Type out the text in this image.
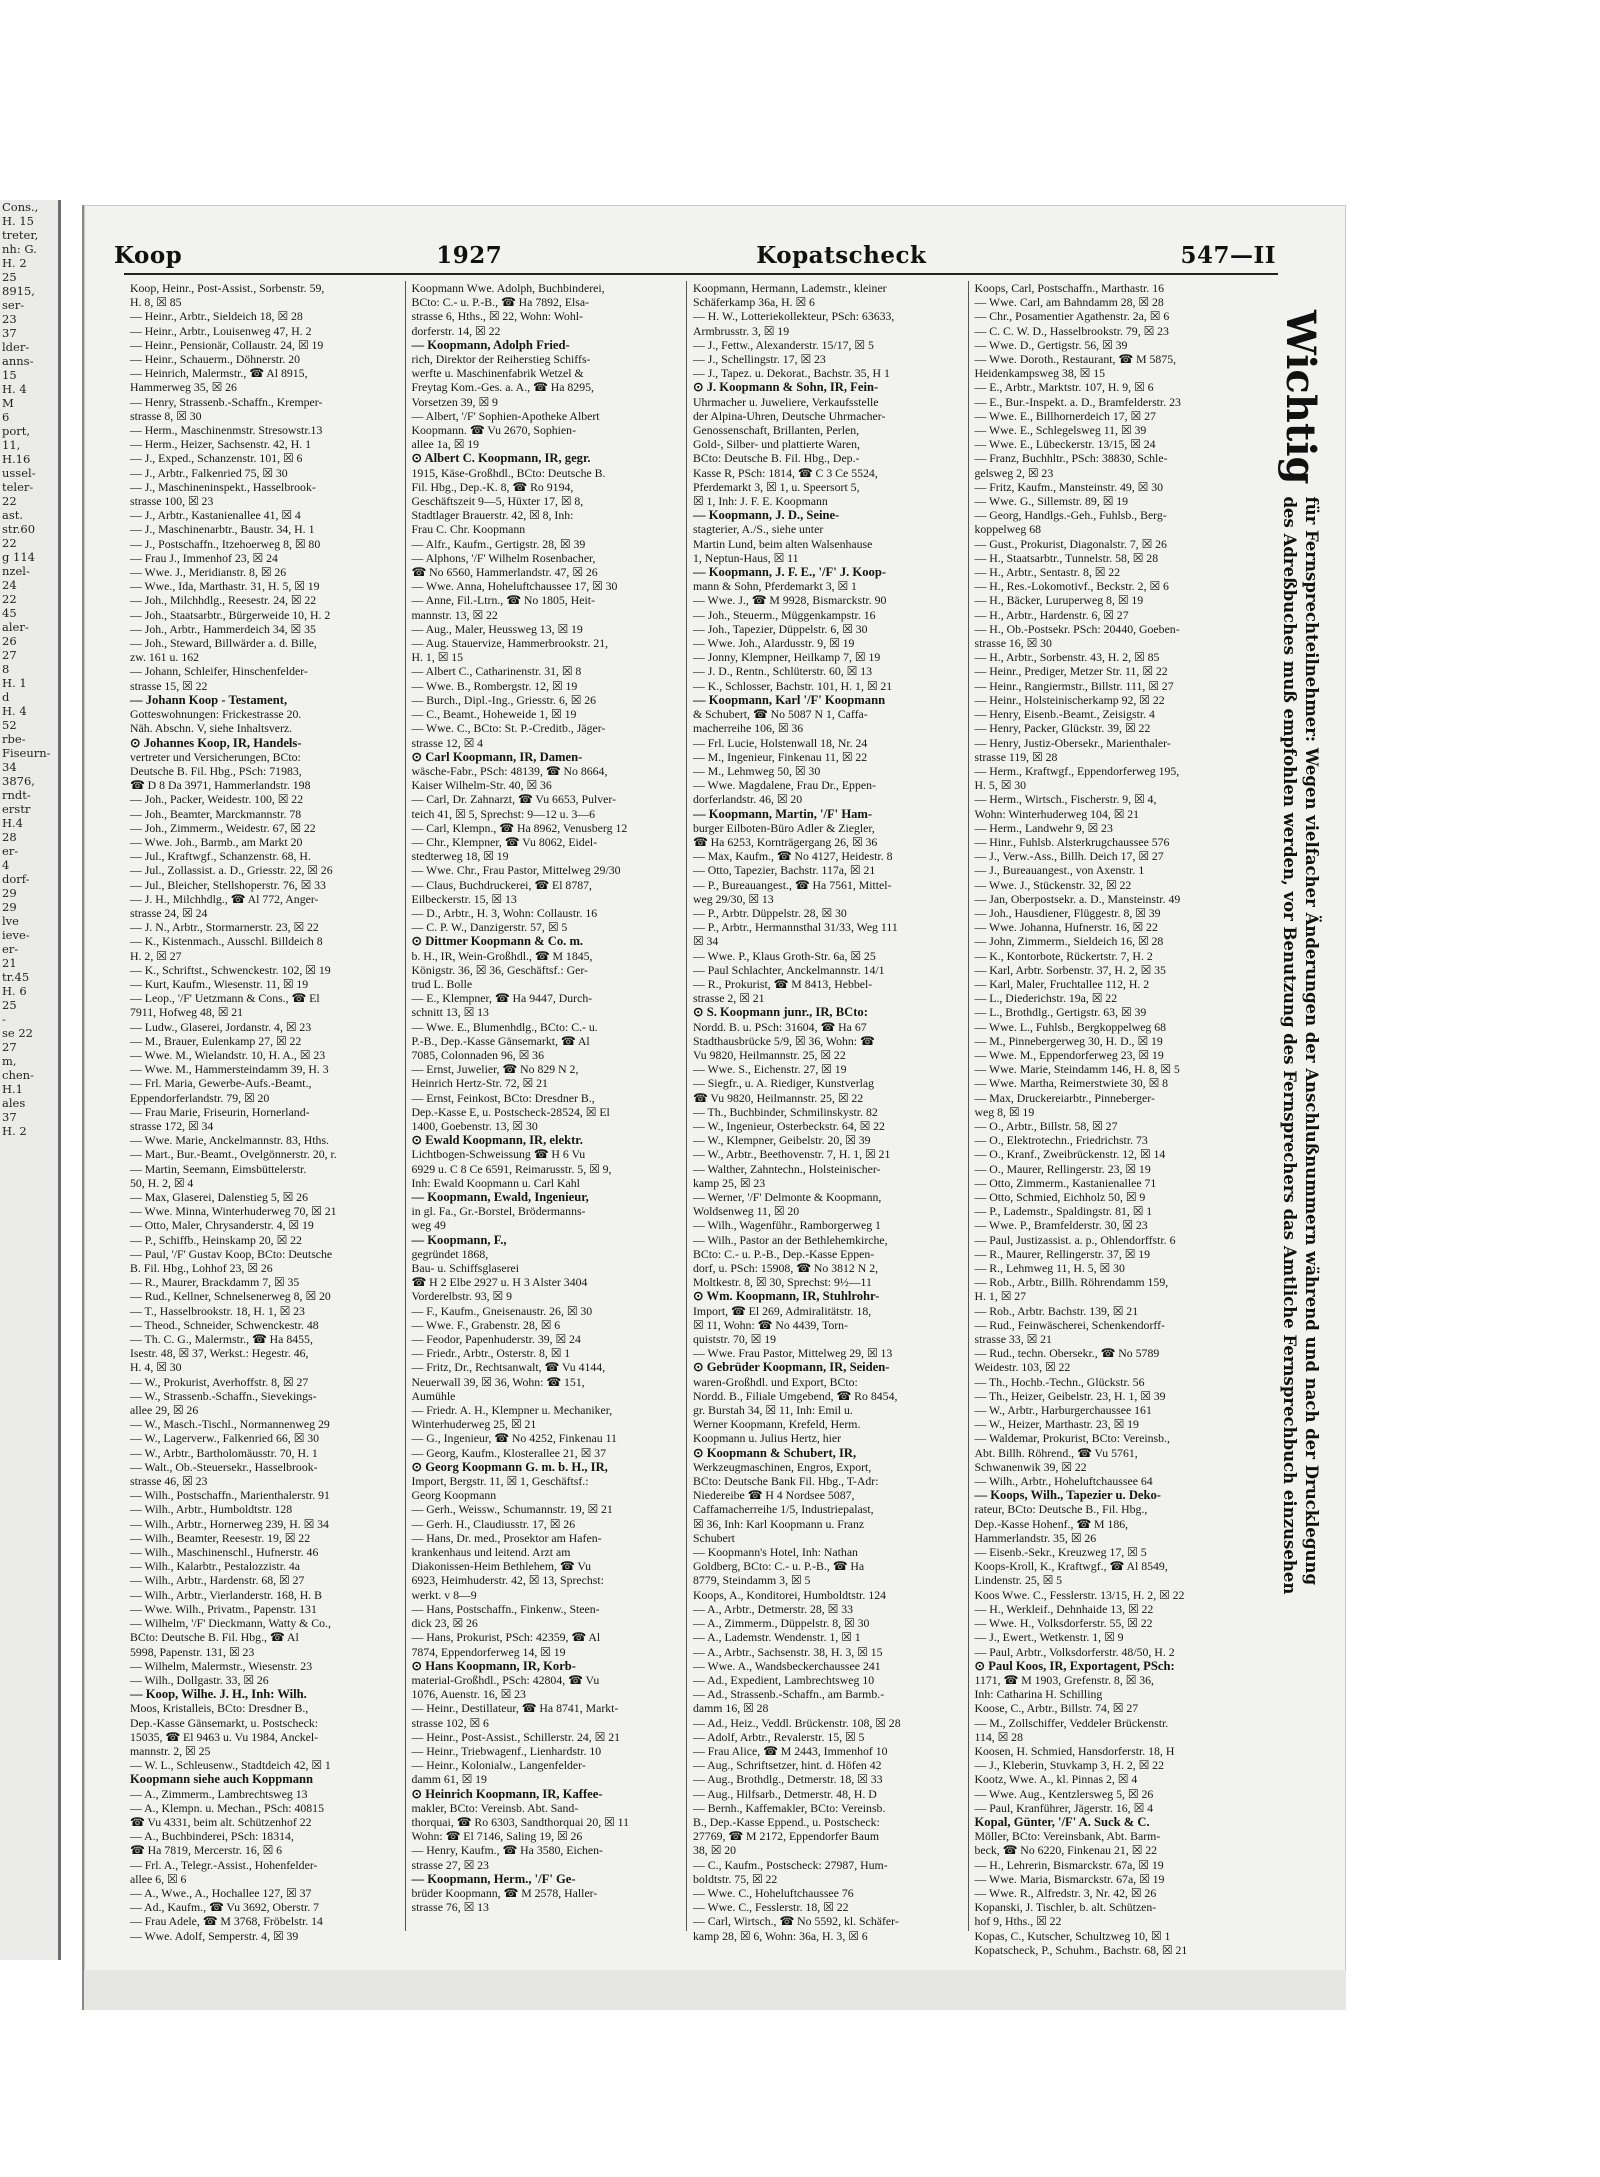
Cons.,
H. 15
treter,
nh: G.
H. 2
25
8915,
ser-
23
37
lder-
anns-
15
H. 4
M
6
port,
11,
H.16
ussel-
teler-
22
ast.
str.60
22
g 114
nzel-
24
22
45
aler-
26
27
8
H. 1
d
H. 4
52
rbe-
Fiseurn-
34
3876,
rndt-
erstr
H.4
28
er-
4
dorf-
29
29
lve
ieve-
er-
21
tr.45
H. 6
25
-
se 22
27
m,
chen-
H.1
ales
37
H. 2
Koop	1927	Kopatscheck	547—II
Koop, Heinr., Post-Assist., Sorbenstr. 59,
H. 8, ☒ 85
— Heinr., Arbtr., Sieldeich 18, ☒ 28
— Heinr., Arbtr., Louisenweg 47, H. 2
— Heinr., Pensionär, Collaustr. 24, ☒ 19
— Heinr., Schauerm., Döhnerstr. 20
— Heinrich, Malermstr., ☎ Al 8915,
Hammerweg 35, ☒ 26
— Henry, Strassenb.-Schaffn., Kremper-
strasse 8, ☒ 30
— Herm., Maschinenmstr. Stresowstr.13
— Herm., Heizer, Sachsenstr. 42, H. 1
— J., Exped., Schanzenstr. 101, ☒ 6
— J., Arbtr., Falkenried 75, ☒ 30
— J., Maschineninspekt., Hasselbrook-
strasse 100, ☒ 23
— J., Arbtr., Kastanienallee 41, ☒ 4
— J., Maschinenarbtr., Baustr. 34, H. 1
— J., Postschaffn., Itzehoerweg 8, ☒ 80
— Frau J., Immenhof 23, ☒ 24
— Wwe. J., Meridianstr. 8, ☒ 26
— Wwe., Ida, Marthastr. 31, H. 5, ☒ 19
— Joh., Milchhdlg., Reesestr. 24, ☒ 22
— Joh., Staatsarbtr., Bürgerweide 10, H. 2
— Joh., Arbtr., Hammerdeich 34, ☒ 35
— Joh., Steward, Billwärder a. d. Bille,
zw. 161 u. 162
— Johann, Schleifer, Hinschenfelder-
strasse 15, ☒ 22
— Johann Koop - Testament,
Gotteswohnungen: Frickestrasse 20.
Näh. Abschn. V, siehe Inhaltsverz.
⊙ Johannes Koop, IR, Handels-
vertreter und Versicherungen, BCto:
Deutsche B. Fil. Hbg., PSch: 71983,
☎ D 8 Da 3971, Hammerlandstr. 198
— Joh., Packer, Weidestr. 100, ☒ 22
— Joh., Beamter, Marckmannstr. 78
— Joh., Zimmerm., Weidestr. 67, ☒ 22
— Wwe. Joh., Barmb., am Markt 20
— Jul., Kraftwgf., Schanzenstr. 68, H.
— Jul., Zollassist. a. D., Griesstr. 22, ☒ 26
— Jul., Bleicher, Stellshoperstr. 76, ☒ 33
— J. H., Milchhdlg., ☎ Al 772, Anger-
strasse 24, ☒ 24
— J. N., Arbtr., Stormarnerstr. 23, ☒ 22
— K., Kistenmach., Ausschl. Billdeich 8
H. 2, ☒ 27
— K., Schriftst., Schwenckestr. 102, ☒ 19
— Kurt, Kaufm., Wiesenstr. 11, ☒ 19
— Leop., '/F' Uetzmann & Cons., ☎ El
7911, Hofweg 48, ☒ 21
— Ludw., Glaserei, Jordanstr. 4, ☒ 23
— M., Brauer, Eulenkamp 27, ☒ 22
— Wwe. M., Wielandstr. 10, H. A., ☒ 23
— Wwe. M., Hammersteindamm 39, H. 3
— Frl. Maria, Gewerbe-Aufs.-Beamt.,
Eppendorferlandstr. 79, ☒ 20
— Frau Marie, Friseurin, Hornerland-
strasse 172, ☒ 34
— Wwe. Marie, Anckelmannstr. 83, Hths.
— Mart., Bur.-Beamt., Ovelgönnerstr. 20, r.
— Martin, Seemann, Eimsbüttelerstr.
50, H. 2, ☒ 4
— Max, Glaserei, Dalenstieg 5, ☒ 26
— Wwe. Minna, Winterhuderweg 70, ☒ 21
— Otto, Maler, Chrysanderstr. 4, ☒ 19
— P., Schiffb., Heinskamp 20, ☒ 22
— Paul, '/F' Gustav Koop, BCto: Deutsche
B. Fil. Hbg., Lohhof 23, ☒ 26
— R., Maurer, Brackdamm 7, ☒ 35
— Rud., Kellner, Schnelsenerweg 8, ☒ 20
— T., Hasselbrookstr. 18, H. 1, ☒ 23
— Theod., Schneider, Schwenckestr. 48
— Th. C. G., Malermstr., ☎ Ha 8455,
Isestr. 48, ☒ 37, Werkst.: Hegestr. 46,
H. 4, ☒ 30
— W., Prokurist, Averhoffstr. 8, ☒ 27
— W., Strassenb.-Schaffn., Sievekings-
allee 29, ☒ 26
— W., Masch.-Tischl., Normannenweg 29
— W., Lagerverw., Falkenried 66, ☒ 30
— W., Arbtr., Bartholomäusstr. 70, H. 1
— Walt., Ob.-Steuersekr., Hasselbrook-
strasse 46, ☒ 23
— Wilh., Postschaffn., Marienthalerstr. 91
— Wilh., Arbtr., Humboldtstr. 128
— Wilh., Arbtr., Hornerweg 239, H. ☒ 34
— Wilh., Beamter, Reesestr. 19, ☒ 22
— Wilh., Maschinenschl., Hufnerstr. 46
— Wilh., Kalarbtr., Pestalozzistr. 4a
— Wilh., Arbtr., Hardenstr. 68, ☒ 27
— Wilh., Arbtr., Vierlanderstr. 168, H. B
— Wwe. Wilh., Privatm., Papenstr. 131
— Wilhelm, '/F' Dieckmann, Watty & Co.,
BCto: Deutsche B. Fil. Hbg., ☎ Al
5998, Papenstr. 131, ☒ 23
— Wilhelm, Malermstr., Wiesenstr. 23
— Wilh., Dollgastr. 33, ☒ 26
— Koop, Wilhe. J. H., Inh: Wilh.
Moos, Kristalleis, BCto: Dresdner B.,
Dep.-Kasse Gänsemarkt, u. Postscheck:
15035, ☎ El 9463 u. Vu 1984, Anckel-
mannstr. 2, ☒ 25
— W. L., Schleusenw., Stadtdeich 42, ☒ 1
Koopmann siehe auch Koppmann
— A., Zimmerm., Lambrechtsweg 13
— A., Klempn. u. Mechan., PSch: 40815
☎ Vu 4331, beim alt. Schützenhof 22
— A., Buchbinderei, PSch: 18314,
☎ Ha 7819, Mercerstr. 16, ☒ 6
— Frl. A., Telegr.-Assist., Hohenfelder-
allee 6, ☒ 6
— A., Wwe., A., Hochallee 127, ☒ 37
— Ad., Kaufm., ☎ Vu 3692, Oberstr. 7
— Frau Adele, ☎ M 3768, Fröbelstr. 14
— Wwe. Adolf, Semperstr. 4, ☒ 39
Koopmann Wwe. Adolph, Buchbinderei,
BCto: C.- u. P.-B., ☎ Ha 7892, Elsa-
strasse 6, Hths., ☒ 22, Wohn: Wohl-
dorferstr. 14, ☒ 22
— Koopmann, Adolph Fried-
rich, Direktor der Reiherstieg Schiffs-
werfte u. Maschinenfabrik Wetzel &
Freytag Kom.-Ges. a. A., ☎ Ha 8295,
Vorsetzen 39, ☒ 9
— Albert, '/F' Sophien-Apotheke Albert
Koopmann. ☎ Vu 2670, Sophien-
allee 1a, ☒ 19
⊙ Albert C. Koopmann, IR, gegr.
1915, Käse-Großhdl., BCto: Deutsche B.
Fil. Hbg., Dep.-K. 8, ☎ Ro 9194,
Geschäftszeit 9—5, Hüxter 17, ☒ 8,
Stadtlager Brauerstr. 42, ☒ 8, Inh:
Frau C. Chr. Koopmann
— Alfr., Kaufm., Gertigstr. 28, ☒ 39
— Alphons, '/F' Wilhelm Rosenbacher,
☎ No 6560, Hammerlandstr. 47, ☒ 26
— Wwe. Anna, Hoheluftchaussee 17, ☒ 30
— Anne, Fil.-Ltrn., ☎ No 1805, Heit-
mannstr. 13, ☒ 22
— Aug., Maler, Heussweg 13, ☒ 19
— Aug. Stauervize, Hammerbrookstr. 21,
H. 1, ☒ 15
— Albert C., Catharinenstr. 31, ☒ 8
— Wwe. B., Rombergstr. 12, ☒ 19
— Burch., Dipl.-Ing., Griesstr. 6, ☒ 26
— C., Beamt., Hoheweide 1, ☒ 19
— Wwe. C., BCto: St. P.-Creditb., Jäger-
strasse 12, ☒ 4
⊙ Carl Koopmann, IR, Damen-
wäsche-Fabr., PSch: 48139, ☎ No 8664,
Kaiser Wilhelm-Str. 40, ☒ 36
— Carl, Dr. Zahnarzt, ☎ Vu 6653, Pulver-
teich 41, ☒ 5, Sprechst: 9—12 u. 3—6
— Carl, Klempn., ☎ Ha 8962, Venusberg 12
— Chr., Klempner, ☎ Vu 8062, Eidel-
stedterweg 18, ☒ 19
— Wwe. Chr., Frau Pastor, Mittelweg 29/30
— Claus, Buchdruckerei, ☎ El 8787,
Eilbeckerstr. 15, ☒ 13
— D., Arbtr., H. 3, Wohn: Collaustr. 16
— C. P. W., Danzigerstr. 57, ☒ 5
⊙ Dittmer Koopmann & Co. m.
b. H., IR, Wein-Großhdl., ☎ M 1845,
Königstr. 36, ☒ 36, Geschäftsf.: Ger-
trud L. Bolle
— E., Klempner, ☎ Ha 9447, Durch-
schnitt 13, ☒ 13
— Wwe. E., Blumenhdlg., BCto: C.- u.
P.-B., Dep.-Kasse Gänsemarkt, ☎ Al
7085, Colonnaden 96, ☒ 36
— Ernst, Juwelier, ☎ No 829 N 2,
Heinrich Hertz-Str. 72, ☒ 21
— Ernst, Feinkost, BCto: Dresdner B.,
Dep.-Kasse E, u. Postscheck-28524, ☒ El
1400, Goebenstr. 13, ☒ 30
⊙ Ewald Koopmann, IR, elektr.
Lichtbogen-Schweissung ☎ H 6 Vu
6929 u. C 8 Ce 6591, Reimarusstr. 5, ☒ 9,
Inh: Ewald Koopmann u. Carl Kahl
— Koopmann, Ewald, Ingenieur,
in gl. Fa., Gr.-Borstel, Brödermanns-
weg 49
— Koopmann, F.,
gegründet 1868,
Bau- u. Schiffsglaserei
☎ H 2 Elbe 2927 u. H 3 Alster 3404
Vorderelbstr. 93, ☒ 9
— F., Kaufm., Gneisenaustr. 26, ☒ 30
— Wwe. F., Grabenstr. 28, ☒ 6
— Feodor, Papenhuderstr. 39, ☒ 24
— Friedr., Arbtr., Osterstr. 8, ☒ 1
— Fritz, Dr., Rechtsanwalt, ☎ Vu 4144,
Neuerwall 39, ☒ 36, Wohn: ☎ 151,
Aumühle
— Friedr. A. H., Klempner u. Mechaniker,
Winterhuderweg 25, ☒ 21
— G., Ingenieur, ☎ No 4252, Finkenau 11
— Georg, Kaufm., Klosterallee 21, ☒ 37
⊙ Georg Koopmann G. m. b. H., IR,
Import, Bergstr. 11, ☒ 1, Geschäftsf.:
Georg Koopmann
— Gerh., Weissw., Schumannstr. 19, ☒ 21
— Gerh. H., Claudiusstr. 17, ☒ 26
— Hans, Dr. med., Prosektor am Hafen-
krankenhaus und leitend. Arzt am
Diakonissen-Heim Bethlehem, ☎ Vu
6923, Heimhuderstr. 42, ☒ 13, Sprechst:
werkt. v 8—9
— Hans, Postschaffn., Finkenw., Steen-
dick 23, ☒ 26
— Hans, Prokurist, PSch: 42359, ☎ Al
7874, Eppendorferweg 14, ☒ 19
⊙ Hans Koopmann, IR, Korb-
material-Großhdl., PSch: 42804, ☎ Vu
1076, Auenstr. 16, ☒ 23
— Heinr., Destillateur, ☎ Ha 8741, Markt-
strasse 102, ☒ 6
— Heinr., Post-Assist., Schillerstr. 24, ☒ 21
— Heinr., Triebwagenf., Lienhardstr. 10
— Heinr., Kolonialw., Langenfelder-
damm 61, ☒ 19
⊙ Heinrich Koopmann, IR, Kaffee-
makler, BCto: Vereinsb. Abt. Sand-
thorquai, ☎ Ro 6303, Sandthorquai 20, ☒ 11
Wohn: ☎ El 7146, Saling 19, ☒ 26
— Henry, Kaufm., ☎ Ha 3580, Eichen-
strasse 27, ☒ 23
— Koopmann, Herm., '/F' Ge-
brüder Koopmann, ☎ M 2578, Haller-
strasse 76, ☒ 13
Koopmann, Hermann, Lademstr., kleiner
Schäferkamp 36a, H. ☒ 6
— H. W., Lotteriekollekteur, PSch: 63633,
Armbrusstr. 3, ☒ 19
— J., Fettw., Alexanderstr. 15/17, ☒ 5
— J., Schellingstr. 17, ☒ 23
— J., Tapez. u. Dekorat., Bachstr. 35, H 1
⊙ J. Koopmann & Sohn, IR, Fein-
Uhrmacher u. Juweliere, Verkaufsstelle
der Alpina-Uhren, Deutsche Uhrmacher-
Genossenschaft, Brillanten, Perlen,
Gold-, Silber- und plattierte Waren,
BCto: Deutsche B. Fil. Hbg., Dep.-
Kasse R, PSch: 1814, ☎ C 3 Ce 5524,
Pferdemarkt 3, ☒ 1, u. Speersort 5,
☒ 1, Inh: J. F. E. Koopmann
— Koopmann, J. D., Seine-
stagterier, A./S., siehe unter
Martin Lund, beim alten Walsenhause
1, Neptun-Haus, ☒ 11
— Koopmann, J. F. E., '/F' J. Koop-
mann & Sohn, Pferdemarkt 3, ☒ 1
— Wwe. J., ☎ M 9928, Bismarckstr. 90
— Joh., Steuerm., Müggenkampstr. 16
— Joh., Tapezier, Düppelstr. 6, ☒ 30
— Wwe. Joh., Alardusstr. 9, ☒ 19
— Jonny, Klempner, Heilkamp 7, ☒ 19
— J. D., Rentn., Schlüterstr. 60, ☒ 13
— K., Schlosser, Bachstr. 101, H. 1, ☒ 21
— Koopmann, Karl '/F' Koopmann
& Schubert, ☎ No 5087 N 1, Caffa-
macherreihe 106, ☒ 36
— Frl. Lucie, Holstenwall 18, Nr. 24
— M., Ingenieur, Finkenau 11, ☒ 22
— M., Lehmweg 50, ☒ 30
— Wwe. Magdalene, Frau Dr., Eppen-
dorferlandstr. 46, ☒ 20
— Koopmann, Martin, '/F' Ham-
burger Eilboten-Büro Adler & Ziegler,
☎ Ha 6253, Kornträgergang 26, ☒ 36
— Max, Kaufm., ☎ No 4127, Heidestr. 8
— Otto, Tapezier, Bachstr. 117a, ☒ 21
— P., Bureauangest., ☎ Ha 7561, Mittel-
weg 29/30, ☒ 13
— P., Arbtr. Düppelstr. 28, ☒ 30
— P., Arbtr., Hermannsthal 31/33, Weg 111
☒ 34
— Wwe. P., Klaus Groth-Str. 6a, ☒ 25
— Paul Schlachter, Anckelmannstr. 14/1
— R., Prokurist, ☎ M 8413, Hebbel-
strasse 2, ☒ 21
⊙ S. Koopmann junr., IR, BCto:
Nordd. B. u. PSch: 31604, ☎ Ha 67
Stadthausbrücke 5/9, ☒ 36, Wohn: ☎
Vu 9820, Heilmannstr. 25, ☒ 22
— Wwe. S., Eichenstr. 27, ☒ 19
— Siegfr., u. A. Riediger, Kunstverlag
☎ Vu 9820, Heilmannstr. 25, ☒ 22
— Th., Buchbinder, Schmilinskystr. 82
— W., Ingenieur, Osterbeckstr. 64, ☒ 22
— W., Klempner, Geibelstr. 20, ☒ 39
— W., Arbtr., Beethovenstr. 7, H. 1, ☒ 21
— Walther, Zahntechn., Holsteinischer-
kamp 25, ☒ 23
— Werner, '/F' Delmonte & Koopmann,
Woldsenweg 11, ☒ 20
— Wilh., Wagenführ., Ramborgerweg 1
— Wilh., Pastor an der Bethlehemkirche,
BCto: C.- u. P.-B., Dep.-Kasse Eppen-
dorf, u. PSch: 15908, ☎ No 3812 N 2,
Moltkestr. 8, ☒ 30, Sprechst: 9½—11
⊙ Wm. Koopmann, IR, Stuhlrohr-
Import, ☎ El 269, Admiralitätstr. 18,
☒ 11, Wohn: ☎ No 4439, Torn-
quiststr. 70, ☒ 19
— Wwe. Frau Pastor, Mittelweg 29, ☒ 13
⊙ Gebrüder Koopmann, IR, Seiden-
waren-Großhdl. und Export, BCto:
Nordd. B., Filiale Umgebend, ☎ Ro 8454,
gr. Burstah 34, ☒ 11, Inh: Emil u.
Werner Koopmann, Krefeld, Herm.
Koopmann u. Julius Hertz, hier
⊙ Koopmann & Schubert, IR,
Werkzeugmaschinen, Engros, Export,
BCto: Deutsche Bank Fil. Hbg., T-Adr:
Niedereibe ☎ H 4 Nordsee 5087,
Caffamacherreihe 1/5, Industriepalast,
☒ 36, Inh: Karl Koopmann u. Franz
Schubert
— Koopmann's Hotel, Inh: Nathan
Goldberg, BCto: C.- u. P.-B., ☎ Ha
8779, Steindamm 3, ☒ 5
Koops, A., Konditorei, Humboldtstr. 124
— A., Arbtr., Detmerstr. 28, ☒ 33
— A., Zimmerm., Düppelstr. 8, ☒ 30
— A., Lademstr. Wendenstr. 1, ☒ 1
— A., Arbtr., Sachsenstr. 38, H. 3, ☒ 15
— Wwe. A., Wandsbeckerchaussee 241
— Ad., Expedient, Lambrechtsweg 10
— Ad., Strassenb.-Schaffn., am Barmb.-
damm 16, ☒ 28
— Ad., Heiz., Veddl. Brückenstr. 108, ☒ 28
— Adolf, Arbtr., Revalerstr. 15, ☒ 5
— Frau Alice, ☎ M 2443, Immenhof 10
— Aug., Schriftsetzer, hint. d. Höfen 42
— Aug., Brothdlg., Detmerstr. 18, ☒ 33
— Aug., Hilfsarb., Detmerstr. 48, H. D
— Bernh., Kaffemakler, BCto: Vereinsb.
B., Dep.-Kasse Eppend., u. Postscheck:
27769, ☎ M 2172, Eppendorfer Baum
38, ☒ 20
— C., Kaufm., Postscheck: 27987, Hum-
boldtstr. 75, ☒ 22
— Wwe. C., Hoheluftchaussee 76
— Wwe. C., Fesslerstr. 18, ☒ 22
— Carl, Wirtsch., ☎ No 5592, kl. Schäfer-
kamp 28, ☒ 6, Wohn: 36a, H. 3, ☒ 6
Koops, Carl, Postschaffn., Marthastr. 16
— Wwe. Carl, am Bahndamm 28, ☒ 28
— Chr., Posamentier Agathenstr. 2a, ☒ 6
— C. C. W. D., Hasselbrookstr. 79, ☒ 23
— Wwe. D., Gertigstr. 56, ☒ 39
— Wwe. Doroth., Restaurant, ☎ M 5875,
Heidenkampsweg 38, ☒ 15
— E., Arbtr., Marktstr. 107, H. 9, ☒ 6
— E., Bur.-Inspekt. a. D., Bramfelderstr. 23
— Wwe. E., Billhornerdeich 17, ☒ 27
— Wwe. E., Schlegelsweg 11, ☒ 39
— Wwe. E., Lübeckerstr. 13/15, ☒ 24
— Franz, Buchhltr., PSch: 38830, Schle-
gelsweg 2, ☒ 23
— Fritz, Kaufm., Mansteinstr. 49, ☒ 30
— Wwe. G., Sillemstr. 89, ☒ 19
— Georg, Handlgs.-Geh., Fuhlsb., Berg-
koppelweg 68
— Gust., Prokurist, Diagonalstr. 7, ☒ 26
— H., Staatsarbtr., Tunnelstr. 58, ☒ 28
— H., Arbtr., Sentastr. 8, ☒ 22
— H., Res.-Lokomotivf., Beckstr. 2, ☒ 6
— H., Bäcker, Luruperweg 8, ☒ 19
— H., Arbtr., Hardenstr. 6, ☒ 27
— H., Ob.-Postsekr. PSch: 20440, Goeben-
strasse 16, ☒ 30
— H., Arbtr., Sorbenstr. 43, H. 2, ☒ 85
— Heinr., Prediger, Metzer Str. 11, ☒ 22
— Heinr., Rangiermstr., Billstr. 111, ☒ 27
— Heinr., Holsteinischerkamp 92, ☒ 22
— Henry, Eisenb.-Beamt., Zeisigstr. 4
— Henry, Packer, Glückstr. 39, ☒ 22
— Henry, Justiz-Obersekr., Marienthaler-
strasse 119, ☒ 28
— Herm., Kraftwgf., Eppendorferweg 195,
H. 5, ☒ 30
— Herm., Wirtsch., Fischerstr. 9, ☒ 4,
Wohn: Winterhuderweg 104, ☒ 21
— Herm., Landwehr 9, ☒ 23
— Hinr., Fuhlsb. Alsterkrugchaussee 576
— J., Verw.-Ass., Billh. Deich 17, ☒ 27
— J., Bureauangest., von Axenstr. 1
— Wwe. J., Stückenstr. 32, ☒ 22
— Jan, Oberpostsekr. a. D., Mansteinstr. 49
— Joh., Hausdiener, Flüggestr. 8, ☒ 39
— Wwe. Johanna, Hufnerstr. 16, ☒ 22
— John, Zimmerm., Sieldeich 16, ☒ 28
— K., Kontorbote, Rückertstr. 7, H. 2
— Karl, Arbtr. Sorbenstr. 37, H. 2, ☒ 35
— Karl, Maler, Fruchtallee 112, H. 2
— L., Diederichstr. 19a, ☒ 22
— L., Brothdlg., Gertigstr. 63, ☒ 39
— Wwe. L., Fuhlsb., Bergkoppelweg 68
— M., Pinnebergerweg 30, H. D., ☒ 19
— Wwe. M., Eppendorferweg 23, ☒ 19
— Wwe. Marie, Steindamm 146, H. 8, ☒ 5
— Wwe. Martha, Reimerstwiete 30, ☒ 8
— Max, Druckereiarbtr., Pinneberger-
weg 8, ☒ 19
— O., Arbtr., Billstr. 58, ☒ 27
— O., Elektrotechn., Friedrichstr. 73
— O., Kranf., Zweibrückenstr. 12, ☒ 14
— O., Maurer, Rellingerstr. 23, ☒ 19
— Otto, Zimmerm., Kastanienallee 71
— Otto, Schmied, Eichholz 50, ☒ 9
— P., Lademstr., Spaldingstr. 81, ☒ 1
— Wwe. P., Bramfelderstr. 30, ☒ 23
— Paul, Justizassist. a. p., Ohlendorffstr. 6
— R., Maurer, Rellingerstr. 37, ☒ 19
— R., Lehmweg 11, H. 5, ☒ 30
— Rob., Arbtr., Billh. Röhrendamm 159,
H. 1, ☒ 27
— Rob., Arbtr. Bachstr. 139, ☒ 21
— Rud., Feinwäscherei, Schenkendorff-
strasse 33, ☒ 21
— Rud., techn. Obersekr., ☎ No 5789
Weidestr. 103, ☒ 22
— Th., Hochb.-Techn., Glückstr. 56
— Th., Heizer, Geibelstr. 23, H. 1, ☒ 39
— W., Arbtr., Harburgerchaussee 161
— W., Heizer, Marthastr. 23, ☒ 19
— Waldemar, Prokurist, BCto: Vereinsb.,
Abt. Billh. Röhrend., ☎ Vu 5761,
Schwanenwik 39, ☒ 22
— Wilh., Arbtr., Hoheluftchaussee 64
— Koops, Wilh., Tapezier u. Deko-
rateur, BCto: Deutsche B., Fil. Hbg.,
Dep.-Kasse Hohenf., ☎ M 186,
Hammerlandstr. 35, ☒ 26
— Eisenb.-Sekr., Kreuzweg 17, ☒ 5
Koops-Kroll, K., Kraftwgf., ☎ Al 8549,
Lindenstr. 25, ☒ 5
Koos Wwe. C., Fesslerstr. 13/15, H. 2, ☒ 22
— H., Werkleif., Dehnhaide 13, ☒ 22
— Wwe. H., Volksdorferstr. 55, ☒ 22
— J., Ewert., Wetkenstr. 1, ☒ 9
— Paul, Arbtr., Volksdorferstr. 48/50, H. 2
⊙ Paul Koos, IR, Exportagent, PSch:
1171, ☎ M 1903, Grefenstr. 8, ☒ 36,
Inh: Catharina H. Schilling
Koose, C., Arbtr., Billstr. 74, ☒ 27
— M., Zollschiffer, Veddeler Brückenstr.
114, ☒ 28
Koosen, H. Schmied, Hansdorferstr. 18, H
— J., Kleberin, Stuvkamp 3, H. 2, ☒ 22
Kootz, Wwe. A., kl. Pinnas 2, ☒ 4
— Wwe. Aug., Kentzlersweg 5, ☒ 26
— Paul, Kranführer, Jägerstr. 16, ☒ 4
Kopal, Günter, '/F' A. Suck & C.
Möller, BCto: Vereinsbank, Abt. Barm-
beck, ☎ No 6220, Finkenau 21, ☒ 22
— H., Lehrerin, Bismarckstr. 67a, ☒ 19
— Wwe. Maria, Bismarckstr. 67a, ☒ 19
— Wwe. R., Alfredstr. 3, Nr. 42, ☒ 26
Kopanski, J. Tischler, b. alt. Schützen-
hof 9, Hths., ☒ 22
Kopas, C., Kutscher, Schultzweg 10, ☒ 1
Kopatscheck, P., Schuhm., Bachstr. 68, ☒ 21
Wichtig
für Fernsprechteilnehmer: Wegen vielfacher Änderungen der Anschlußnummern während und nach der Drucklegung
des Adreßbuches muß empfohlen werden, vor Benutzung des Fernsprechers das Amtliche Fernsprechbuch einzusehen
